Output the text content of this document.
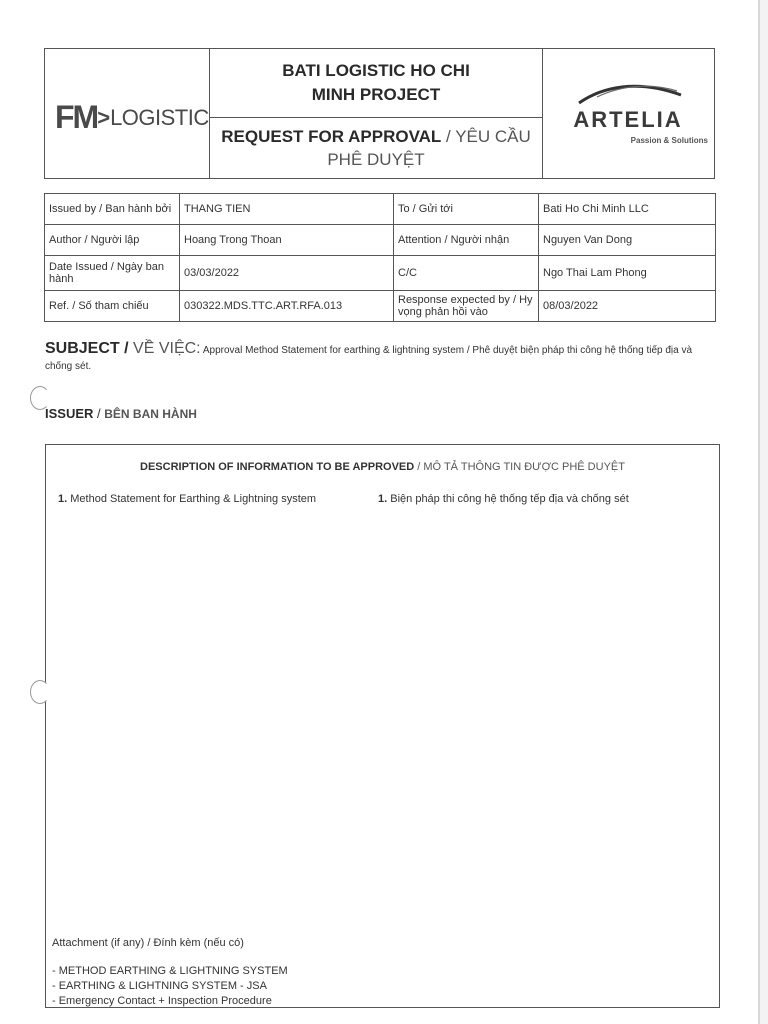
FM>LOGISTIC
BATI LOGISTIC HO CHI MINH PROJECT
REQUEST FOR APPROVAL / YÊU CẦU PHÊ DUYỆT
ARTELIA
Passion & Solutions
Issued by / Ban hành bởi	THANG TIEN	To / Gửi tới	Bati Ho Chi Minh LLC
Author / Người lập	Hoang Trong Thoan	Attention / Người nhận	Nguyen Van Dong
Date Issued / Ngày ban hành	03/03/2022	C/C	Ngo Thai Lam Phong
Ref. / Số tham chiếu	030322.MDS.TTC.ART.RFA.013	Response expected by / Hy vọng phản hồi vào	08/03/2022
SUBJECT / VỀ VIỆC: Approval Method Statement for earthing & lightning system / Phê duyệt biện pháp thi công hệ thống tiếp địa và chống sét.
ISSUER / BÊN BAN HÀNH
DESCRIPTION OF INFORMATION TO BE APPROVED / MÔ TẢ THÔNG TIN ĐƯỢC PHÊ DUYỆT
1. Method Statement for Earthing & Lightning system	1. Biện pháp thi công hệ thống tếp địa và chống sét
Attachment (if any) / Đính kèm (nếu có)
- METHOD EARTHING & LIGHTNING SYSTEM
- EARTHING & LIGHTNING SYSTEM - JSA
- Emergency Contact + Inspection Procedure
